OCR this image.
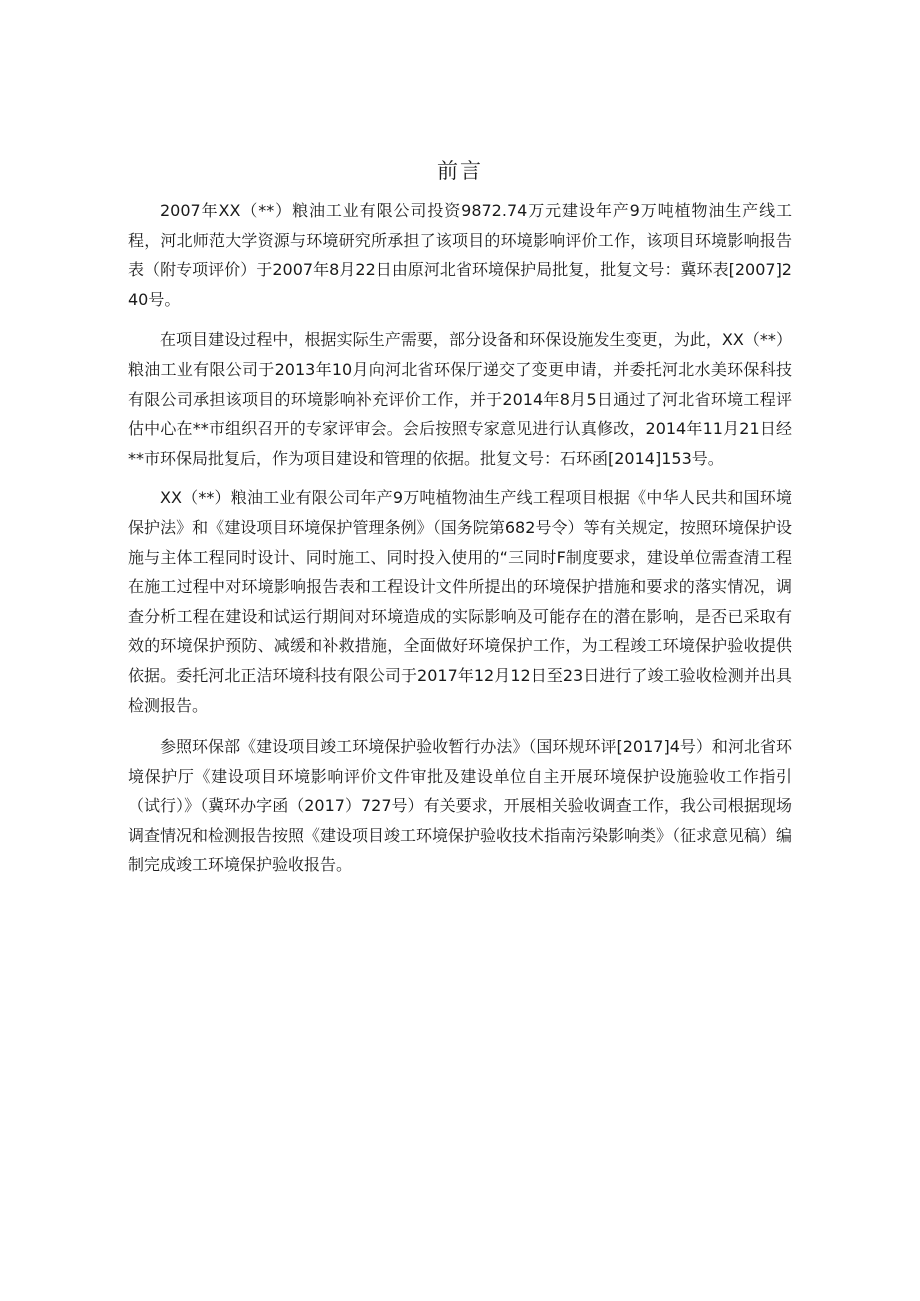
前言

2007年XX（**）粮油工业有限公司投资9872.74万元建设年产9万吨植物油生产线工程，河北师范大学资源与环境研究所承担了该项目的环境影响评价工作，该项目环境影响报告表（附专项评价）于2007年8月22日由原河北省环境保护局批复，批复文号：冀环表[2007]240号。

在项目建设过程中，根据实际生产需要，部分设备和环保设施发生变更，为此，XX（**）粮油工业有限公司于2013年10月向河北省环保厅递交了变更申请，并委托河北水美环保科技有限公司承担该项目的环境影响补充评价工作，并于2014年8月5日通过了河北省环境工程评估中心在**市组织召开的专家评审会。会后按照专家意见进行认真修改，2014年11月21日经**市环保局批复后，作为项目建设和管理的依据。批复文号：石环函[2014]153号。

XX（**）粮油工业有限公司年产9万吨植物油生产线工程项目根据《中华人民共和国环境保护法》和《建设项目环境保护管理条例》（国务院第682号令）等有关规定，按照环境保护设施与主体工程同时设计、同时施工、同时投入使用的“三同时F制度要求，建设单位需查清工程在施工过程中对环境影响报告表和工程设计文件所提出的环境保护措施和要求的落实情况，调查分析工程在建设和试运行期间对环境造成的实际影响及可能存在的潜在影响，是否已采取有效的环境保护预防、减缓和补救措施，全面做好环境保护工作，为工程竣工环境保护验收提供依据。委托河北正洁环境科技有限公司于2017年12月12日至23日进行了竣工验收检测并出具检测报告。

参照环保部《建设项目竣工环境保护验收暂行办法》（国环规环评[2017]4号）和河北省环境保护厅《建设项目环境影响评价文件审批及建设单位自主开展环境保护设施验收工作指引（试行）》（冀环办字函（2017）727号）有关要求，开展相关验收调查工作，我公司根据现场调查情况和检测报告按照《建设项目竣工环境保护验收技术指南污染影响类》（征求意见稿）编制完成竣工环境保护验收报告。
